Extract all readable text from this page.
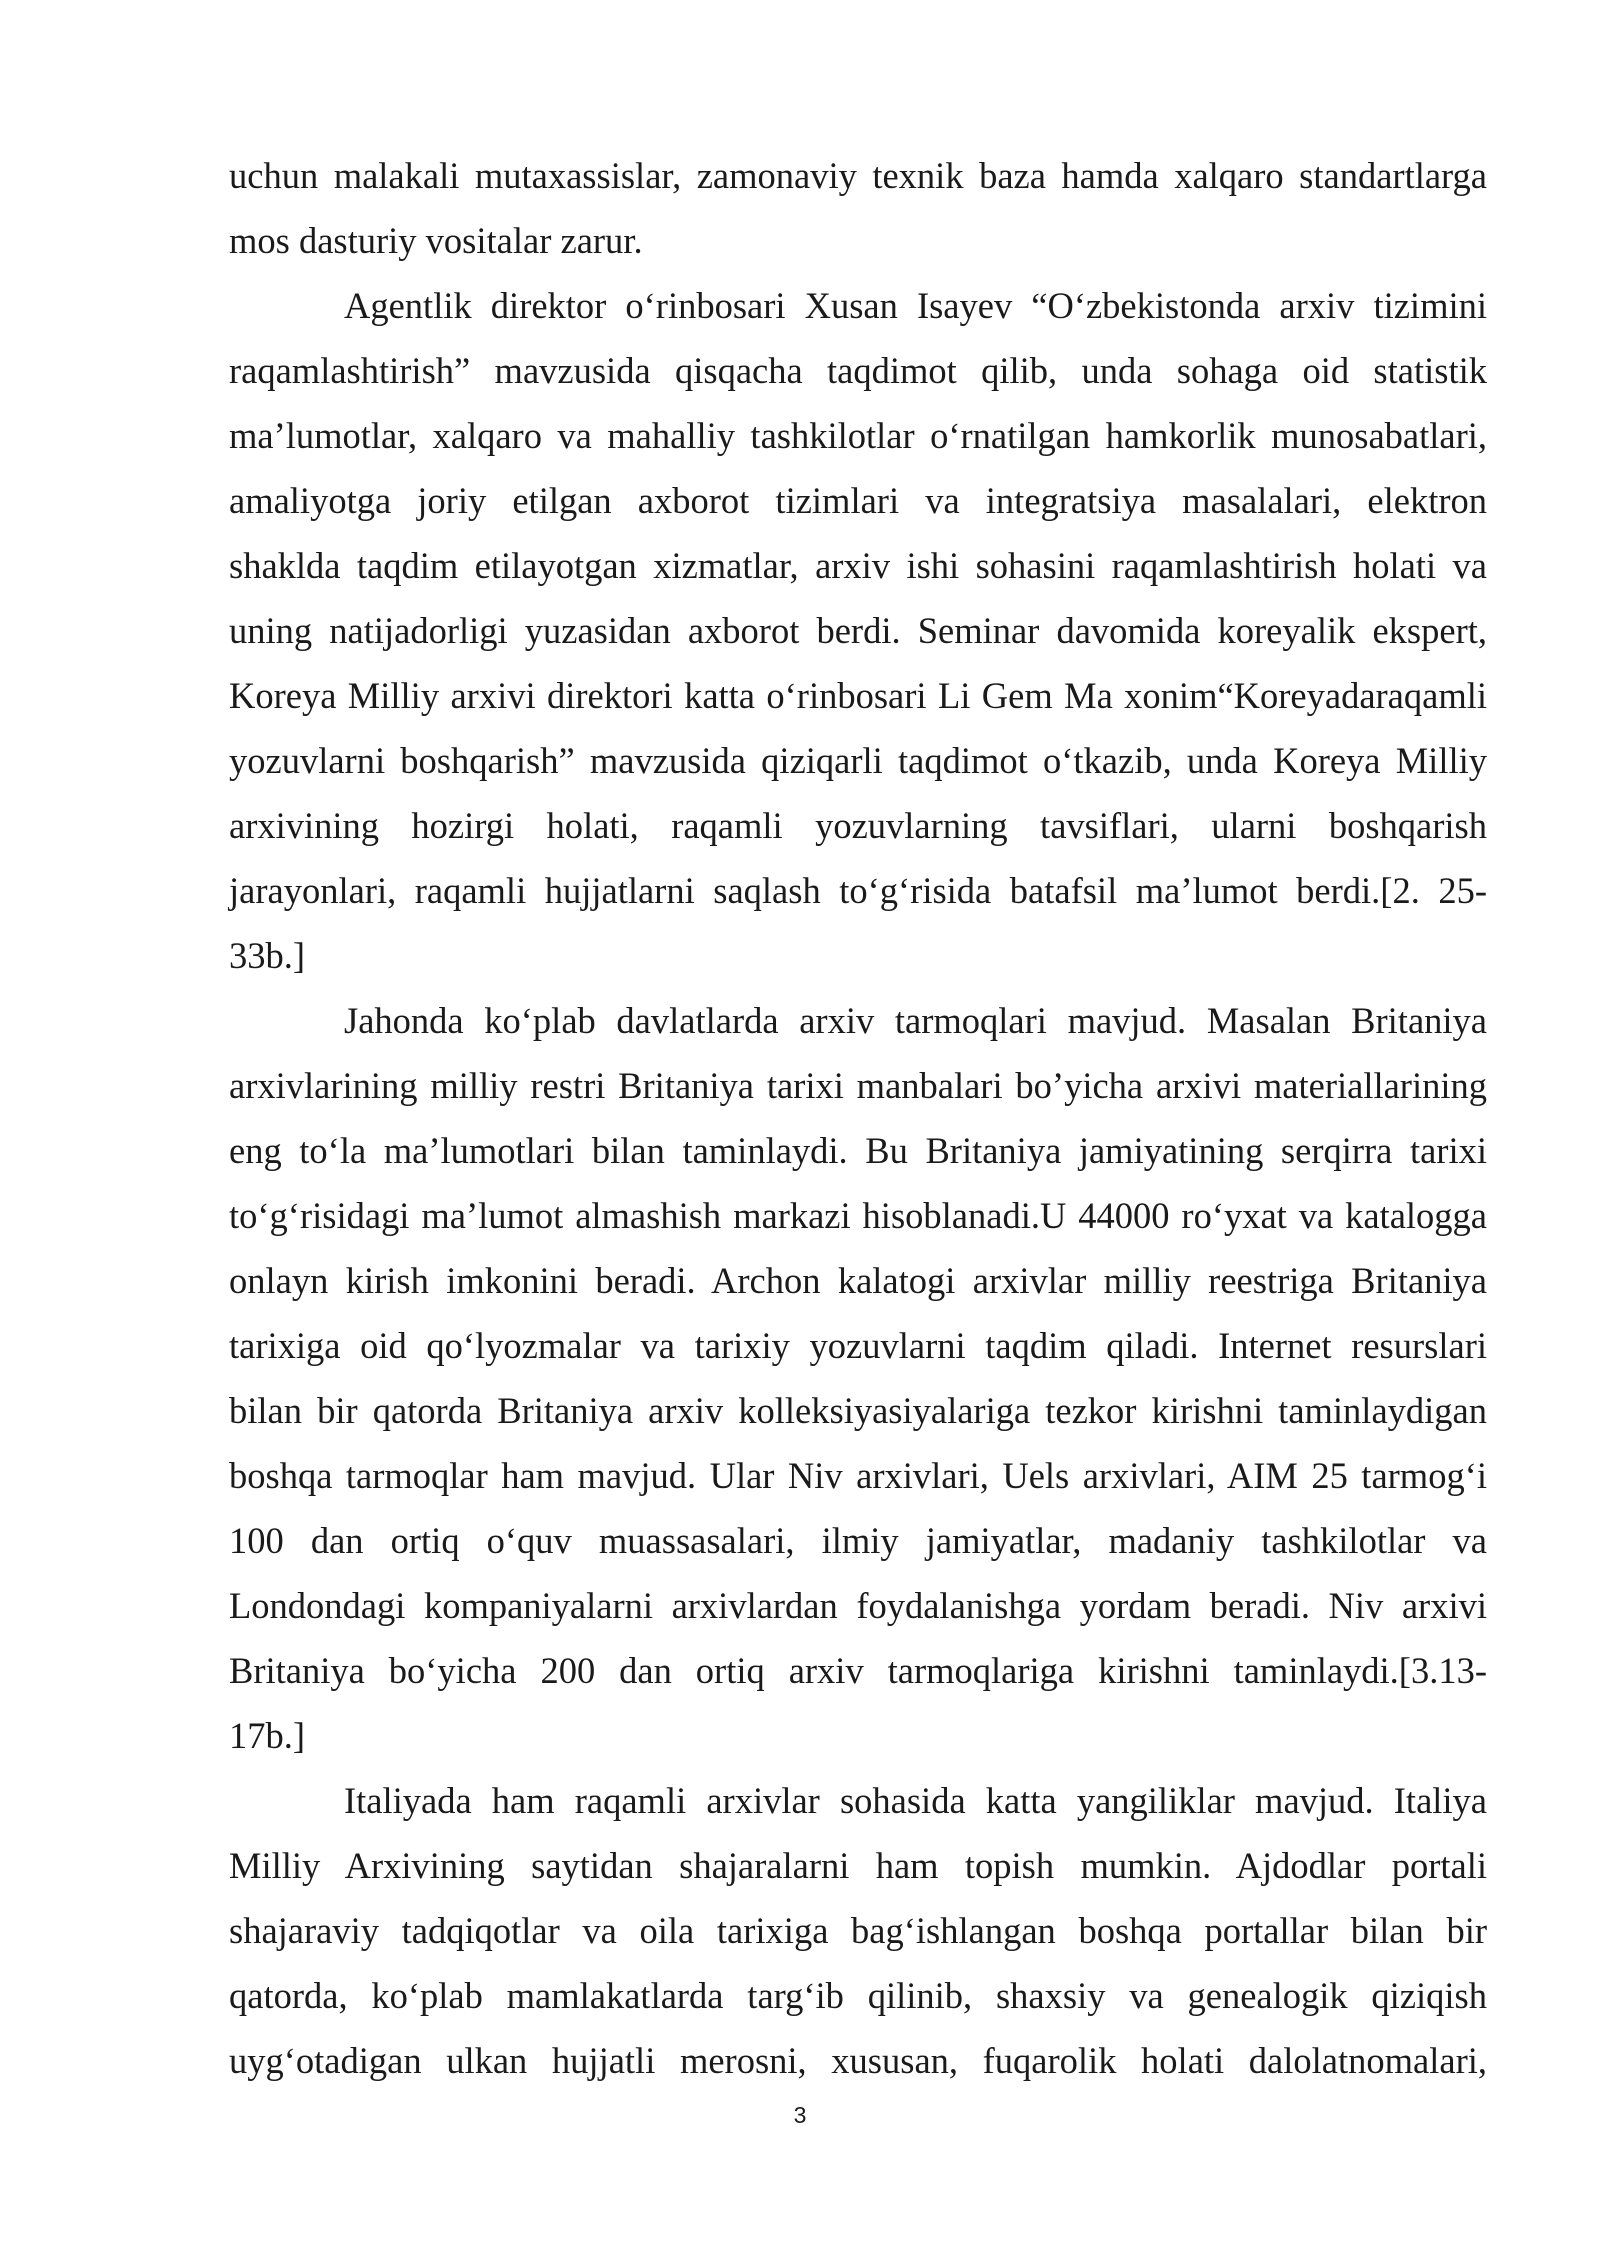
uchun malakali mutaxassislar, zamonaviy texnik baza hamda xalqaro standartlarga
mos dasturiy vositalar zarur.
Agentlik direktor o‘rinbosari Xusan Isayev “O‘zbekistonda arxiv tizimini
raqamlashtirish” mavzusida qisqacha taqdimot qilib, unda sohaga oid statistik
ma’lumotlar, xalqaro va mahalliy tashkilotlar o‘rnatilgan hamkorlik munosabatlari,
amaliyotga joriy etilgan axborot tizimlari va integratsiya masalalari, elektron
shaklda taqdim etilayotgan xizmatlar, arxiv ishi sohasini raqamlashtirish holati va
uning natijadorligi yuzasidan axborot berdi. Seminar davomida koreyalik ekspert,
Koreya Milliy arxivi direktori katta o‘rinbosari Li Gem Ma xonim“Koreyadaraqamli
yozuvlarni boshqarish” mavzusida qiziqarli taqdimot o‘tkazib, unda Koreya Milliy
arxivining hozirgi holati, raqamli yozuvlarning tavsiflari, ularni boshqarish
jarayonlari, raqamli hujjatlarni saqlash to‘g‘risida batafsil ma’lumot berdi.[2. 25-
33b.]
Jahonda ko‘plab davlatlarda arxiv tarmoqlari mavjud. Masalan Britaniya
arxivlarining milliy restri Britaniya tarixi manbalari bo’yicha arxivi materiallarining
eng to‘la ma’lumotlari bilan taminlaydi. Bu Britaniya jamiyatining serqirra tarixi
to‘g‘risidagi ma’lumot almashish markazi hisoblanadi.U 44000 ro‘yxat va katalogga
onlayn kirish imkonini beradi. Archon kalatogi arxivlar milliy reestriga Britaniya
tarixiga oid qo‘lyozmalar va tarixiy yozuvlarni taqdim qiladi. Internet resurslari
bilan bir qatorda Britaniya arxiv kolleksiyasiyalariga tezkor kirishni taminlaydigan
boshqa tarmoqlar ham mavjud. Ular Niv arxivlari, Uels arxivlari, AIM 25 tarmog‘i
100 dan ortiq o‘quv muassasalari, ilmiy jamiyatlar, madaniy tashkilotlar va
Londondagi kompaniyalarni arxivlardan foydalanishga yordam beradi. Niv arxivi
Britaniya bo‘yicha 200 dan ortiq arxiv tarmoqlariga kirishni taminlaydi.[3.13-
17b.]
Italiyada ham raqamli arxivlar sohasida katta yangiliklar mavjud. Italiya
Milliy Arxivining saytidan shajaralarni ham topish mumkin. Ajdodlar portali
shajaraviy tadqiqotlar va oila tarixiga bag‘ishlangan boshqa portallar bilan bir
qatorda, ko‘plab mamlakatlarda targ‘ib qilinib, shaxsiy va genealogik qiziqish
uyg‘otadigan ulkan hujjatli merosni, xususan, fuqarolik holati dalolatnomalari,
3
